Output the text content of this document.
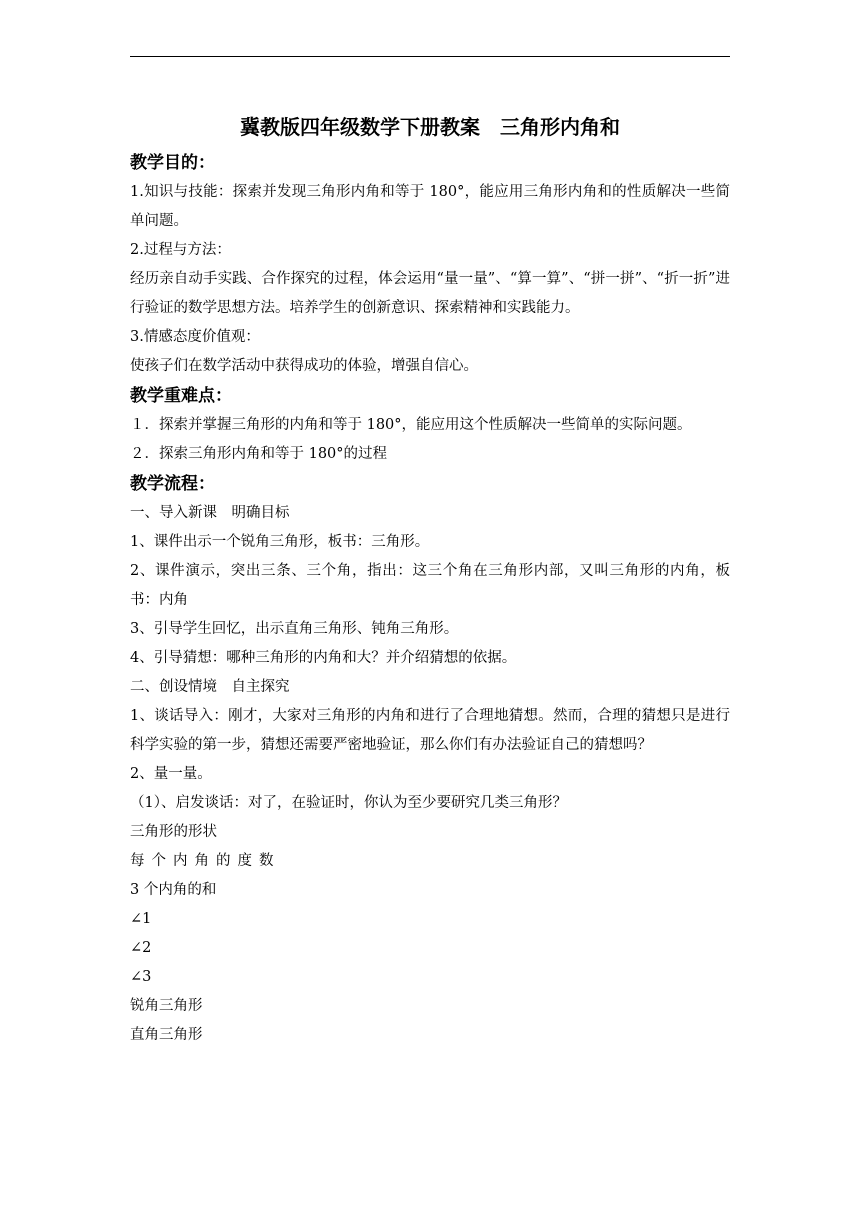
冀教版四年级数学下册教案　三角形内角和
教学目的：
1.知识与技能：探索并发现三角形内角和等于 180°，能应用三角形内角和的性质解决一些简单问题。
2.过程与方法：
经历亲自动手实践、合作探究的过程，体会运用“量一量”、“算一算”、“拼一拼”、“折一折”进行验证的数学思想方法。培养学生的创新意识、探索精神和实践能力。
3.情感态度价值观：
使孩子们在数学活动中获得成功的体验，增强自信心。
教学重难点：
１．探索并掌握三角形的内角和等于 180°，能应用这个性质解决一些简单的实际问题。
２．探索三角形内角和等于 180°的过程
教学流程：
一、导入新课　明确目标
1、课件出示一个锐角三角形，板书：三角形。
2、课件演示，突出三条、三个角，指出：这三个角在三角形内部，又叫三角形的内角，板书：内角
3、引导学生回忆，出示直角三角形、钝角三角形。
4、引导猜想：哪种三角形的内角和大？并介绍猜想的依据。
二、创设情境　自主探究
1、谈话导入：刚才，大家对三角形的内角和进行了合理地猜想。然而，合理的猜想只是进行科学实验的第一步，猜想还需要严密地验证，那么你们有办法验证自己的猜想吗？
2、量一量。
（1）、启发谈话：对了，在验证时，你认为至少要研究几类三角形？
三角形的形状
每个内角的度数
3 个内角的和
∠1
∠2
∠3
锐角三角形
直角三角形
